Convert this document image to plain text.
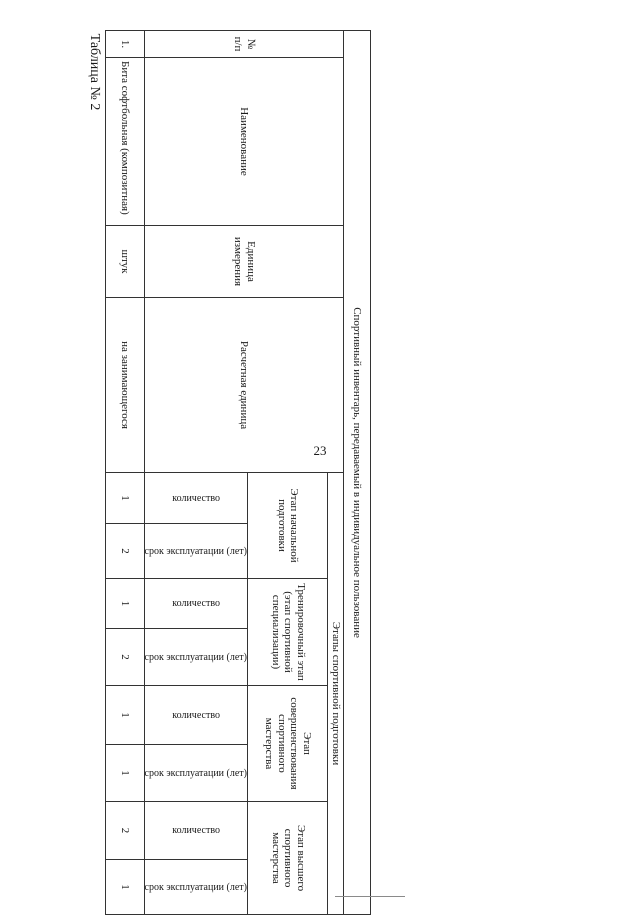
23
Таблица № 2
Спортивный инвентарь, передаваемый в индивидуальное пользование											
№ п/п	Наименование	Единица измерения	Расчетная единица	Этапы спортивной подготовки							
				Этап начальной подготовки		Тренировочный этап (этап спортивной специализации)		Этап совершенствования спортивного мастерства		Этап высшего спортивного мастерства	

				количество	срок эксплуатации (лет)	количество	срок эксплуатации (лет)	количество	срок эксплуатации (лет)	количество	срок эксплуатации (лет)

1.	Бита софтбольная (композитная)	штук	на занимающегося	1	2	1	2	1	1	2	1
